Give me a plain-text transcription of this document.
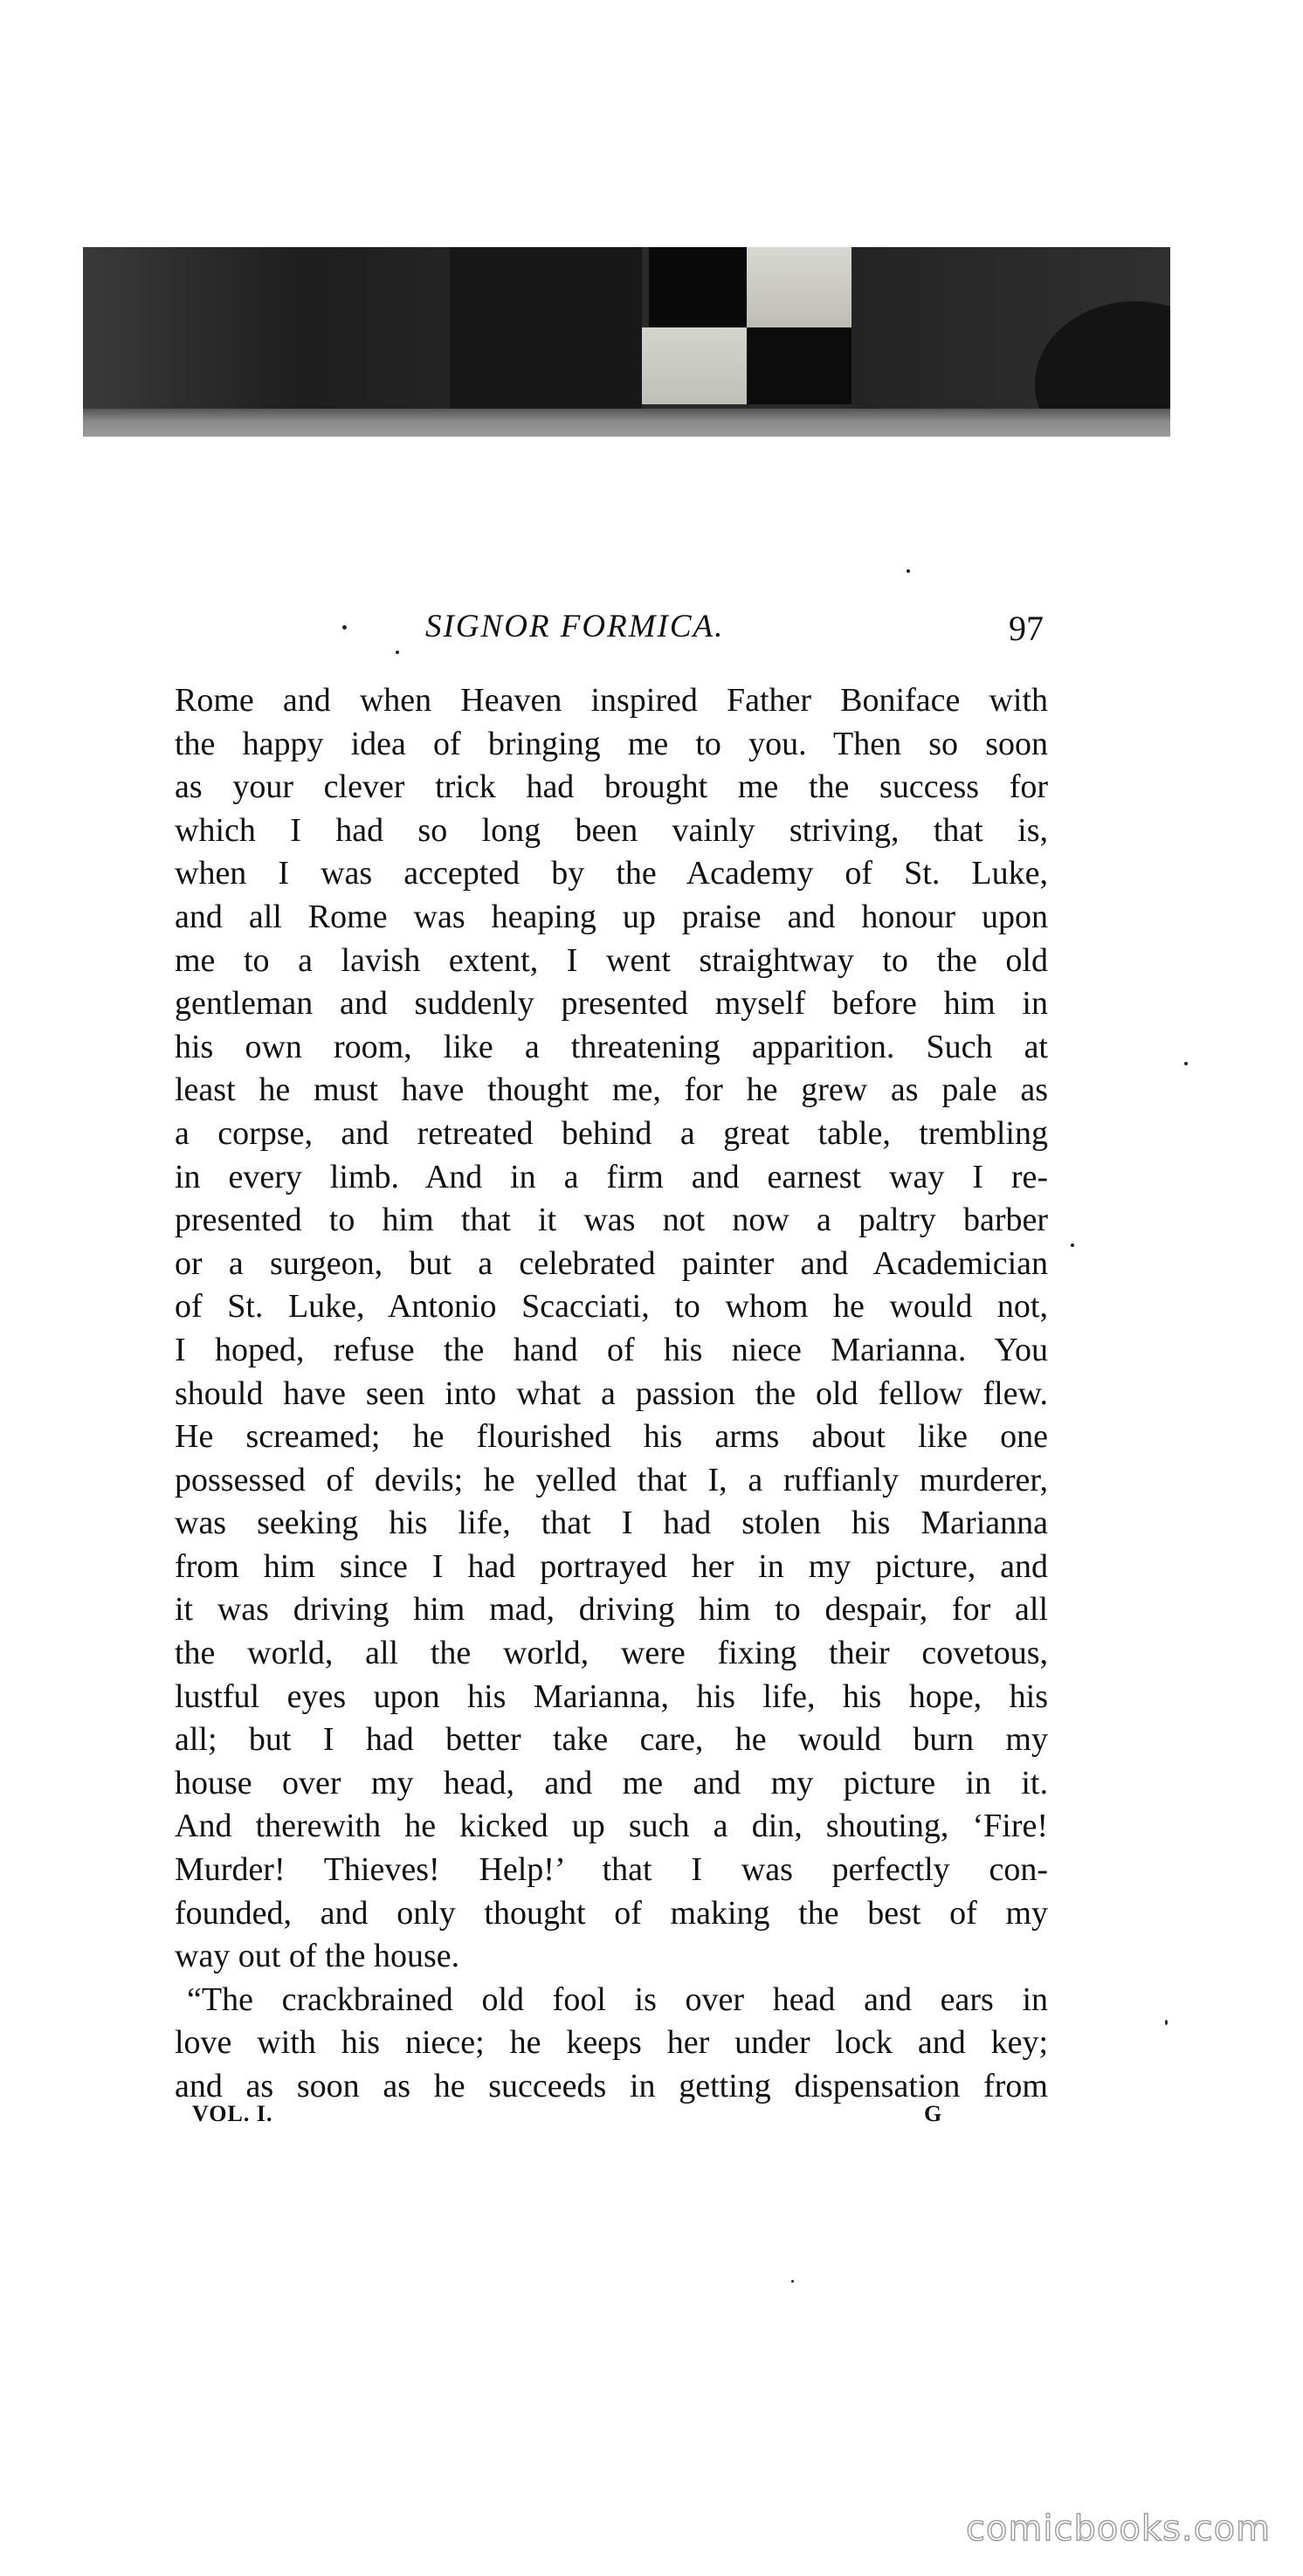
SIGNOR FORMICA.	97
Rome and when Heaven inspired Father Boniface with
the happy idea of bringing me to you. Then so soon
as your clever trick had brought me the success for
which I had so long been vainly striving, that is,
when I was accepted by the Academy of St. Luke,
and all Rome was heaping up praise and honour upon
me to a lavish extent, I went straightway to the old
gentleman and suddenly presented myself before him in
his own room, like a threatening apparition. Such at
least he must have thought me, for he grew as pale as
a corpse, and retreated behind a great table, trembling
in every limb. And in a firm and earnest way I re-
presented to him that it was not now a paltry barber
or a surgeon, but a celebrated painter and Academician
of St. Luke, Antonio Scacciati, to whom he would not,
I hoped, refuse the hand of his niece Marianna. You
should have seen into what a passion the old fellow flew.
He screamed; he flourished his arms about like one
possessed of devils; he yelled that I, a ruffianly murderer,
was seeking his life, that I had stolen his Marianna
from him since I had portrayed her in my picture, and
it was driving him mad, driving him to despair, for all
the world, all the world, were fixing their covetous,
lustful eyes upon his Marianna, his life, his hope, his
all; but I had better take care, he would burn my
house over my head, and me and my picture in it.
And therewith he kicked up such a din, shouting, ‘Fire!
Murder! Thieves! Help!’ that I was perfectly con-
founded, and only thought of making the best of my
way out of the house.
“The crackbrained old fool is over head and ears in
love with his niece; he keeps her under lock and key;
and as soon as he succeeds in getting dispensation from
VOL. I.	G
comicbooks.com
